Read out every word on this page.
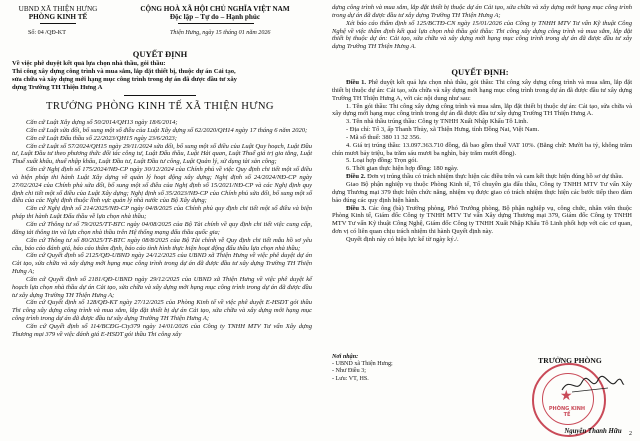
UBND XÃ THIỆN HƯNG
PHÒNG KINH TẾ
Số: 04 /QĐ-KT
CỘNG HOÀ XÃ HỘI CHỦ NGHĨA VIỆT NAM
Độc lập – Tự do – Hạnh phúc
Thiện Hưng, ngày 15 tháng 01 năm 2026
QUYẾT ĐỊNH
Về việc phê duyệt kết quả lựa chọn nhà thầu, gói thầu:
Thi công xây dựng công trình và mua sắm, lắp đặt thiết bị, thuộc dự án Cải tạo,
sửa chữa và xây dựng mới hạng mục công trình trong dự án đã được đầu tư xây
dựng Trường TH Thiện Hưng A
TRƯỞNG PHÒNG KINH TẾ XÃ THIỆN HƯNG

Căn cứ Luật Xây dựng số 50/2014/QH13 ngày 18/6/2014;

Căn cứ Luật sửa đổi, bổ sung một số điều của Luật Xây dựng số 62/2020/QH14 ngày 17 tháng 6 năm 2020;

Căn cứ Luật Đấu thầu số 22/2023/QH15 ngày 23/6/2023;

Căn cứ Luật số 57/2024/QH15 ngày 29/11/2024 sửa đổi, bổ sung một số điều của Luật Quy hoạch, Luật Đầu tư, Luật Đầu tư theo phương thức đối tác công tư, Luật Đấu thầu, Luật Hải quan, Luật Thuế giá trị gia tăng, Luật Thuế xuất khẩu, thuế nhập khẩu, Luật Đầu tư, Luật Đầu tư công, Luật Quản lý, sử dụng tài sản công;

Căn cứ Nghị định số 175/2024/NĐ-CP ngày 30/12/2024 của Chính phủ về việc Quy định chi tiết một số điều và biện pháp thi hành Luật Xây dựng về quản lý hoạt động xây dựng; Nghị định số 24/2024/NĐ-CP ngày 27/02/2024 của Chính phủ sửa đổi, bổ sung một số điều của Nghị định số 15/2021/NĐ-CP và các Nghị định quy định chi tiết một số điều của Luật Xây dựng; Nghị định số 35/2023/NĐ-CP của Chính phủ sửa đổi, bổ sung một số điều của các Nghị định thuộc lĩnh vực quản lý nhà nước của Bộ Xây dựng;

Căn cứ Nghị định số 214/2025/NĐ-CP ngày 04/8/2025 của Chính phủ quy định chi tiết một số điều và biện pháp thi hành Luật Đấu thầu về lựa chọn nhà thầu;

Căn cứ Thông tư số 79/2025/TT-BTC ngày 04/08/2025 của Bộ Tài chính về quy định chi tiết việc cung cấp, đăng tải thông tin và lựa chọn nhà thầu trên Hệ thống mạng đấu thầu quốc gia;

Căn cứ Thông tư số 80/2025/TT-BTC ngày 08/8/2025 của Bộ Tài chính về Quy định chi tiết mẫu hồ sơ yêu cầu, báo cáo đánh giá, báo cáo thẩm định, báo cáo tình hình thực hiện hoạt động đấu thầu lựa chọn nhà thầu;

Căn cứ Quyết định số 2125/QĐ-UBND ngày 24/12/2025 của UBND xã Thiện Hưng về việc phê duyệt dự án Cải tạo, sửa chữa và xây dựng mới hạng mục công trình trong dự án đã được đầu tư xây dựng Trường TH Thiện Hưng A;

Căn cứ Quyết định số 2181/QĐ-UBND ngày 29/12/2025 của UBND xã Thiện Hưng về việc phê duyệt kế hoạch lựa chọn nhà thầu dự án Cải tạo, sửa chữa và xây dựng mới hạng mục công trình trong dự án đã được đầu tư xây dựng Trường TH Thiện Hưng A;

Căn cứ Quyết định số 128/QĐ-KT ngày 27/12/2025 của Phòng Kinh tế về việc phê duyệt E-HSDT gói thầu Thi công xây dựng công trình và mua sắm, lắp đặt thiết bị dự án Cải tạo, sửa chữa và xây dựng mới hạng mục công trình trong dự án đã được đầu tư xây dựng Trường TH Thiện Hưng A;

Căn cứ Quyết định số 114/BCĐG-Cty379 ngày 14/01/2026 của Công ty TNHH MTV Tư vấn Xây dựng Thương mại 379 về việc đánh giá E-HSDT gói thầu Thi công xây

dựng công trình và mua sắm, lắp đặt thiết bị thuộc dự án Cải tạo, sửa chữa và xây dựng mới hạng mục công trình trong dự án đã được đầu tư xây dựng Trường TH Thiện Hưng A;

Xét báo cáo thẩm định số 125/BCTĐ-CN ngày 15/01/2026 của Công ty TNHH MTV Tư vấn Kỹ thuật Công Nghệ về việc thẩm định kết quả lựa chọn nhà thầu gói thầu: Thi công xây dựng công trình và mua sắm, lắp đặt thiết bị thuộc dự án: Cải tạo, sửa chữa và xây dựng mới hạng mục công trình trong dự án đã được đầu tư xây dựng Trường TH Thiện Hưng A.

QUYẾT ĐỊNH:

Điều 1. Phê duyệt kết quả lựa chọn nhà thầu, gói thầu: Thi công xây dựng công trình và mua sắm, lắp đặt thiết bị thuộc dự án: Cải tạo, sửa chữa và xây dựng mới hạng mục công trình trong dự án đã được đầu tư xây dựng Trường TH Thiện Hưng A, với các nội dung như sau:

1. Tên gói thầu: Thi công xây dựng công trình và mua sắm, lắp đặt thiết bị thuộc dự án: Cải tạo, sửa chữa và xây dựng mới hạng mục công trình trong dự án đã được đầu tư xây dựng Trường TH Thiện Hưng A.

3. Tên nhà thầu trúng thầu: Công ty TNHH Xuất Nhập Khẩu Tô Linh.

- Địa chỉ: Tổ 3, ấp Thanh Thủy, xã Thiện Hưng, tỉnh Đồng Nai, Việt Nam.

- Mã số thuế: 380 11 32 356.

4. Giá trị trúng thầu: 13.097.363.710 đồng, đã bao gồm thuế VAT 10%. (Bằng chữ: Mười ba tỷ, không trăm chín mươi bảy triệu, ba trăm sáu mươi ba nghìn, bảy trăm mười đồng).

5. Loại hợp đồng: Trọn gói.

6. Thời gian thực hiện hợp đồng: 180 ngày.

Điều 2. Đơn vị trúng thầu có trách nhiệm thực hiện các điều trên và cam kết thực hiện đúng hồ sơ dự thầu.

Giao Bộ phận nghiệp vụ thuộc Phòng Kinh tế, Tổ chuyên gia đấu thầu, Công ty TNHH MTV Tư vấn Xây dựng Thương mại 379 thực hiện chức năng, nhiệm vụ được giao có trách nhiệm thực hiện các bước tiếp theo đảm bảo đúng các quy định hiện hành.

Điều 3. Các ông (bà) Trưởng phòng, Phó Trưởng phòng, Bộ phận nghiệp vụ, công chức, nhân viên thuộc Phòng Kinh tế, Giám đốc Công ty TNHH MTV Tư vấn Xây dựng Thương mại 379, Giám đốc Công ty TNHH MTV Tư vấn Kỹ thuật Công Nghệ, Giám đốc Công ty TNHH Xuất Nhập Khẩu Tô Linh phối hợp với các cơ quan, đơn vị có liên quan chịu trách nhiệm thi hành Quyết định này.

Quyết định này có hiệu lực kể từ ngày ký./.

Nơi nhận:
- UBND xã Thiện Hưng;
- Như Điều 3;
- Lưu: VT, HS.
TRƯỞNG PHÒNG
★
PHÒNG KINH TẾ
Nguyễn Thanh Hữu	2
